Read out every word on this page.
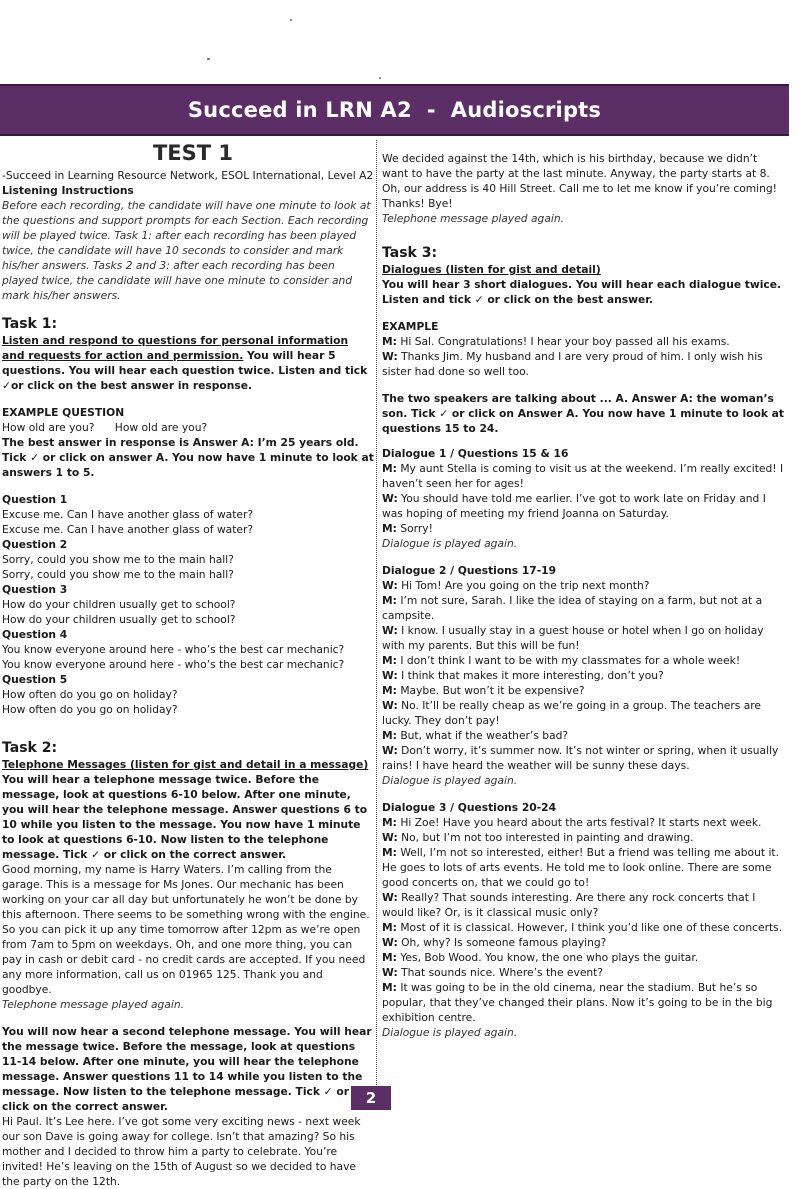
Succeed in LRN A2  -  Audioscripts
TEST 1

-Succeed in Learning Resource Network, ESOL International, Level A2

Listening Instructions

Before each recording, the candidate will have one minute to look at the questions and support prompts for each Section. Each recording will be played twice. Task 1: after each recording has been played twice, the candidate will have 10 seconds to consider and mark his/her answers. Tasks 2 and 3: after each recording has been played twice, the candidate will have one minute to consider and mark his/her answers.

Task 1:

Listen and respond to questions for personal information and requests for action and permission. You will hear 5 questions. You will hear each question twice. Listen and tick ✓or click on the best answer in response.

EXAMPLE QUESTION

How old are you?      How old are you?

The best answer in response is Answer A: I’m 25 years old. Tick ✓ or click on answer A. You now have 1 minute to look at answers 1 to 5.

Question 1

Excuse me. Can I have another glass of water?

Excuse me. Can I have another glass of water?

Question 2

Sorry, could you show me to the main hall?

Sorry, could you show me to the main hall?

Question 3

How do your children usually get to school?

How do your children usually get to school?

Question 4

You know everyone around here - who’s the best car mechanic?

You know everyone around here - who’s the best car mechanic?

Question 5

How often do you go on holiday?

How often do you go on holiday?

Task 2:

Telephone Messages (listen for gist and detail in a message)

You will hear a telephone message twice. Before the message, look at questions 6-10 below. After one minute, you will hear the telephone message. Answer questions 6 to 10 while you listen to the message. You now have 1 minute to look at questions 6-10. Now listen to the telephone message. Tick ✓ or click on the correct answer.

Good morning, my name is Harry Waters. I’m calling from the garage. This is a message for Ms Jones. Our mechanic has been working on your car all day but unfortunately he won’t be done by this afternoon. There seems to be something wrong with the engine. So you can pick it up any time tomorrow after 12pm as we’re open from 7am to 5pm on weekdays. Oh, and one more thing, you can pay in cash or debit card - no credit cards are accepted. If you need any more information, call us on 01965 125. Thank you and goodbye.

Telephone message played again.

You will now hear a second telephone message. You will hear the message twice. Before the message, look at questions 11-14 below. After one minute, you will hear the telephone message. Answer questions 11 to 14 while you listen to the message. Now listen to the telephone message. Tick ✓ or click on the correct answer.

Hi Paul. It’s Lee here. I’ve got some very exciting news - next week our son Dave is going away for college. Isn’t that amazing? So his mother and I decided to throw him a party to celebrate. You’re invited! He’s leaving on the 15th of August so we decided to have the party on the 12th.

We decided against the 14th, which is his birthday, because we didn’t want to have the party at the last minute. Anyway, the party starts at 8. Oh, our address is 40 Hill Street. Call me to let me know if you’re coming! Thanks! Bye!

Telephone message played again.

Task 3:

Dialogues (listen for gist and detail)

You will hear 3 short dialogues. You will hear each dialogue twice. Listen and tick ✓ or click on the best answer.

EXAMPLE

M: Hi Sal. Congratulations! I hear your boy passed all his exams.

W: Thanks Jim. My husband and I are very proud of him. I only wish his sister had done so well too.

The two speakers are talking about ... A. Answer A: the woman’s son. Tick ✓ or click on Answer A. You now have 1 minute to look at questions 15 to 24.

Dialogue 1 / Questions 15 & 16

M: My aunt Stella is coming to visit us at the weekend. I’m really excited! I haven’t seen her for ages!

W: You should have told me earlier. I’ve got to work late on Friday and I was hoping of meeting my friend Joanna on Saturday.

M: Sorry!

Dialogue is played again.

Dialogue 2 / Questions 17-19

W: Hi Tom! Are you going on the trip next month?

M: I’m not sure, Sarah. I like the idea of staying on a farm, but not at a campsite.

W: I know. I usually stay in a guest house or hotel when I go on holiday with my parents. But this will be fun!

M: I don’t think I want to be with my classmates for a whole week!

W: I think that makes it more interesting, don’t you?

M: Maybe. But won’t it be expensive?

W: No. It’ll be really cheap as we’re going in a group. The teachers are lucky. They don’t pay!

M: But, what if the weather’s bad?

W: Don’t worry, it’s summer now. It’s not winter or spring, when it usually rains! I have heard the weather will be sunny these days.

Dialogue is played again.

Dialogue 3 / Questions 20-24

M: Hi Zoe! Have you heard about the arts festival? It starts next week.

W: No, but I’m not too interested in painting and drawing.

M: Well, I’m not so interested, either! But a friend was telling me about it. He goes to lots of arts events. He told me to look online. There are some good concerts on, that we could go to!

W: Really? That sounds interesting. Are there any rock concerts that I would like? Or, is it classical music only?

M: Most of it is classical. However, I think you’d like one of these concerts.

W: Oh, why? Is someone famous playing?

M: Yes, Bob Wood. You know, the one who plays the guitar.

W: That sounds nice. Where’s the event?

M: It was going to be in the old cinema, near the stadium. But he’s so popular, that they’ve changed their plans. Now it’s going to be in the big exhibition centre.

Dialogue is played again.

2
